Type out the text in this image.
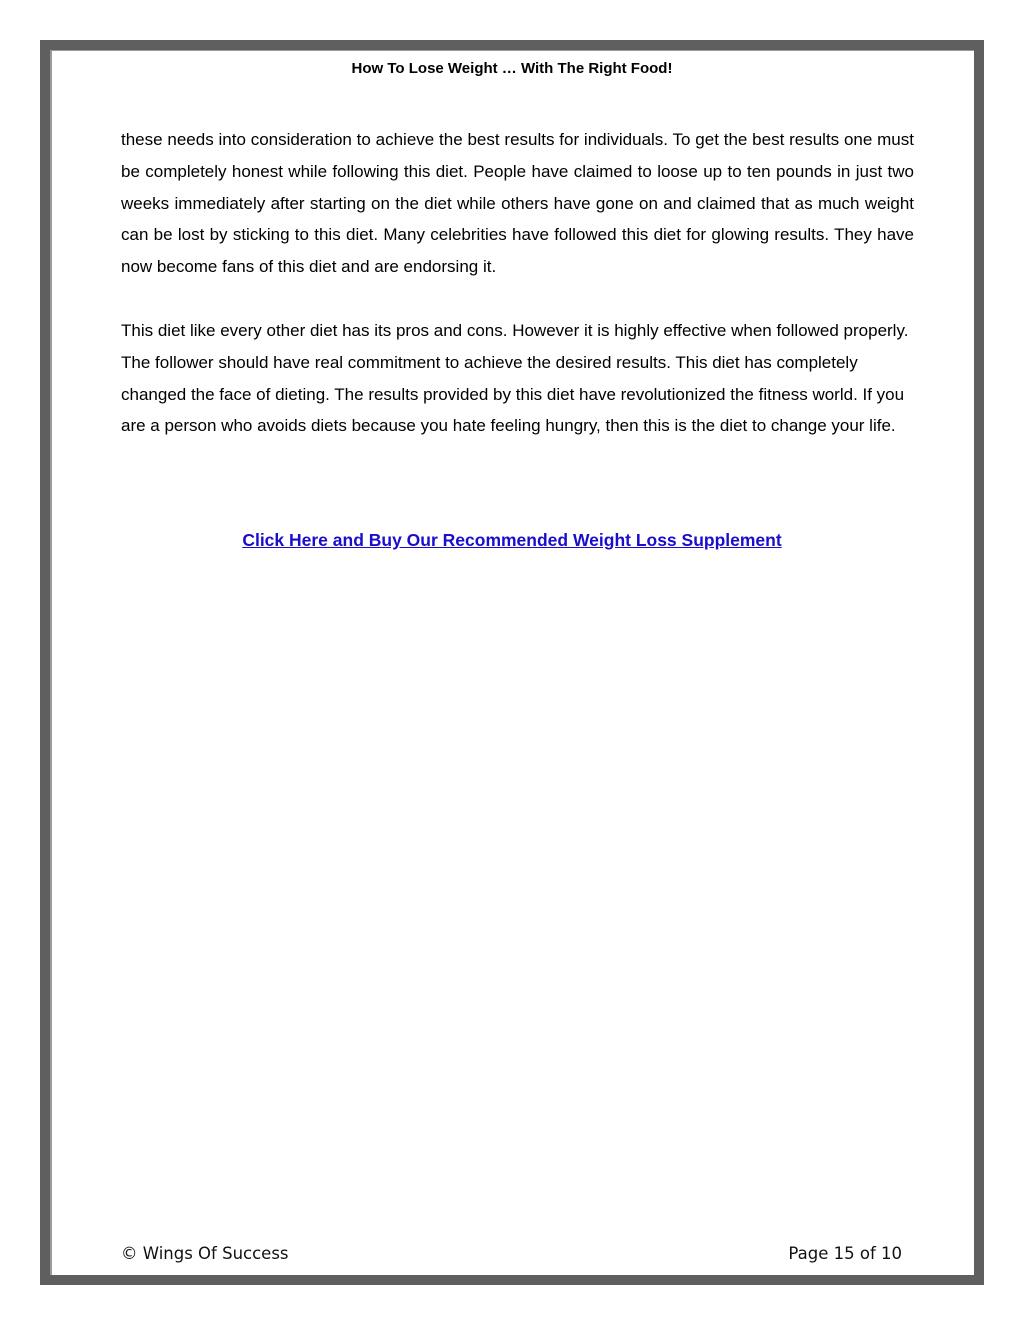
How To Lose Weight … With The Right Food!

these needs into consideration to achieve the best results for individuals. To get the best results one must be completely honest while following this diet. People have claimed to loose up to ten pounds in just two weeks immediately after starting on the diet while others have gone on and claimed that as much weight can be lost by sticking to this diet. Many celebrities have followed this diet for glowing results. They have now become fans of this diet and are endorsing it.

This diet like every other diet has its pros and cons. However it is highly effective when followed properly. The follower should have real commitment to achieve the desired results. This diet has completely changed the face of dieting. The results provided by this diet have revolutionized the fitness world. If you are a person who avoids diets because you hate feeling hungry, then this is the diet to change your life.

Click Here and Buy Our Recommended Weight Loss Supplement
© Wings Of Success	Page 15 of 10
